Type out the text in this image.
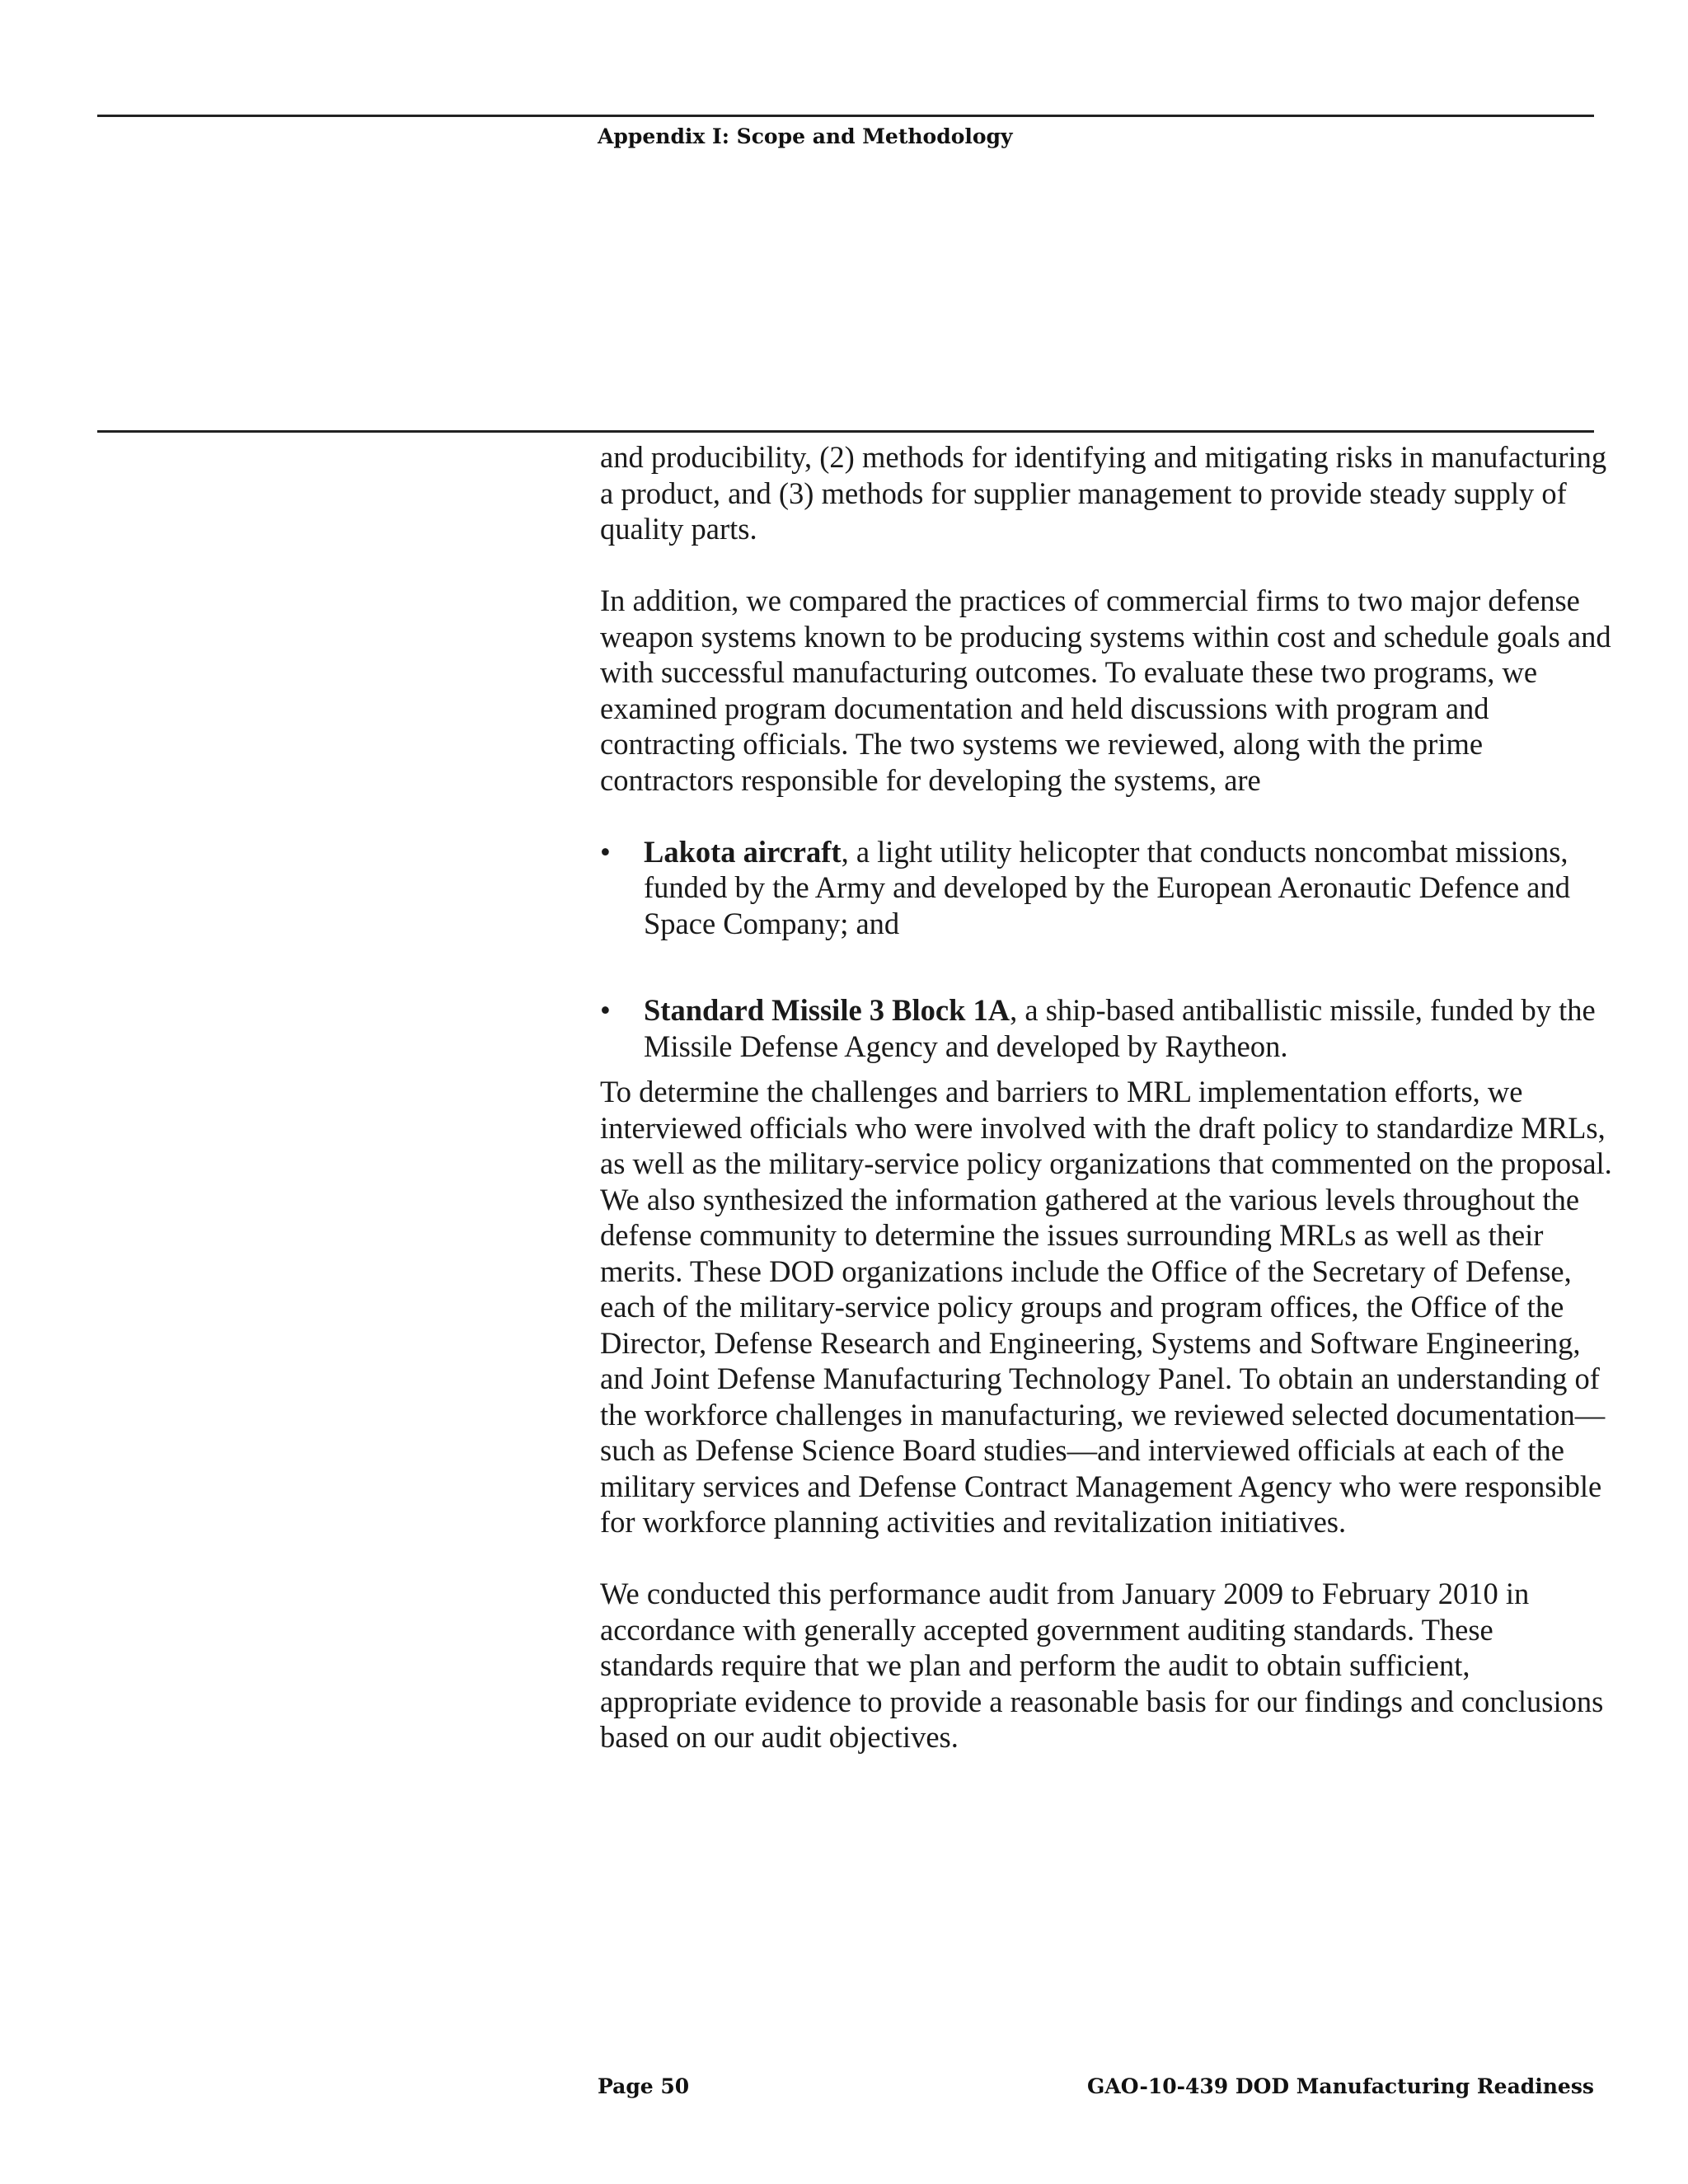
Appendix I: Scope and Methodology

and producibility, (2) methods for identifying and mitigating risks in manufacturing a product, and (3) methods for supplier management to provide steady supply of quality parts.

In addition, we compared the practices of commercial firms to two major defense weapon systems known to be producing systems within cost and schedule goals and with successful manufacturing outcomes. To evaluate these two programs, we examined program documentation and held discussions with program and contracting officials. The two systems we reviewed, along with the prime contractors responsible for developing the systems, are

• Lakota aircraft, a light utility helicopter that conducts noncombat missions, funded by the Army and developed by the European Aeronautic Defence and Space Company; and
• Standard Missile 3 Block 1A, a ship-based antiballistic missile, funded by the Missile Defense Agency and developed by Raytheon.

To determine the challenges and barriers to MRL implementation efforts, we interviewed officials who were involved with the draft policy to standardize MRLs, as well as the military-service policy organizations that commented on the proposal. We also synthesized the information gathered at the various levels throughout the defense community to determine the issues surrounding MRLs as well as their merits. These DOD organizations include the Office of the Secretary of Defense, each of the military-service policy groups and program offices, the Office of the Director, Defense Research and Engineering, Systems and Software Engineering, and Joint Defense Manufacturing Technology Panel. To obtain an understanding of the workforce challenges in manufacturing, we reviewed selected documentation—such as Defense Science Board studies—and interviewed officials at each of the military services and Defense Contract Management Agency who were responsible for workforce planning activities and revitalization initiatives.

We conducted this performance audit from January 2009 to February 2010 in accordance with generally accepted government auditing standards. These standards require that we plan and perform the audit to obtain sufficient, appropriate evidence to provide a reasonable basis for our findings and conclusions based on our audit objectives.

Page 50	GAO-10-439 DOD Manufacturing Readiness
